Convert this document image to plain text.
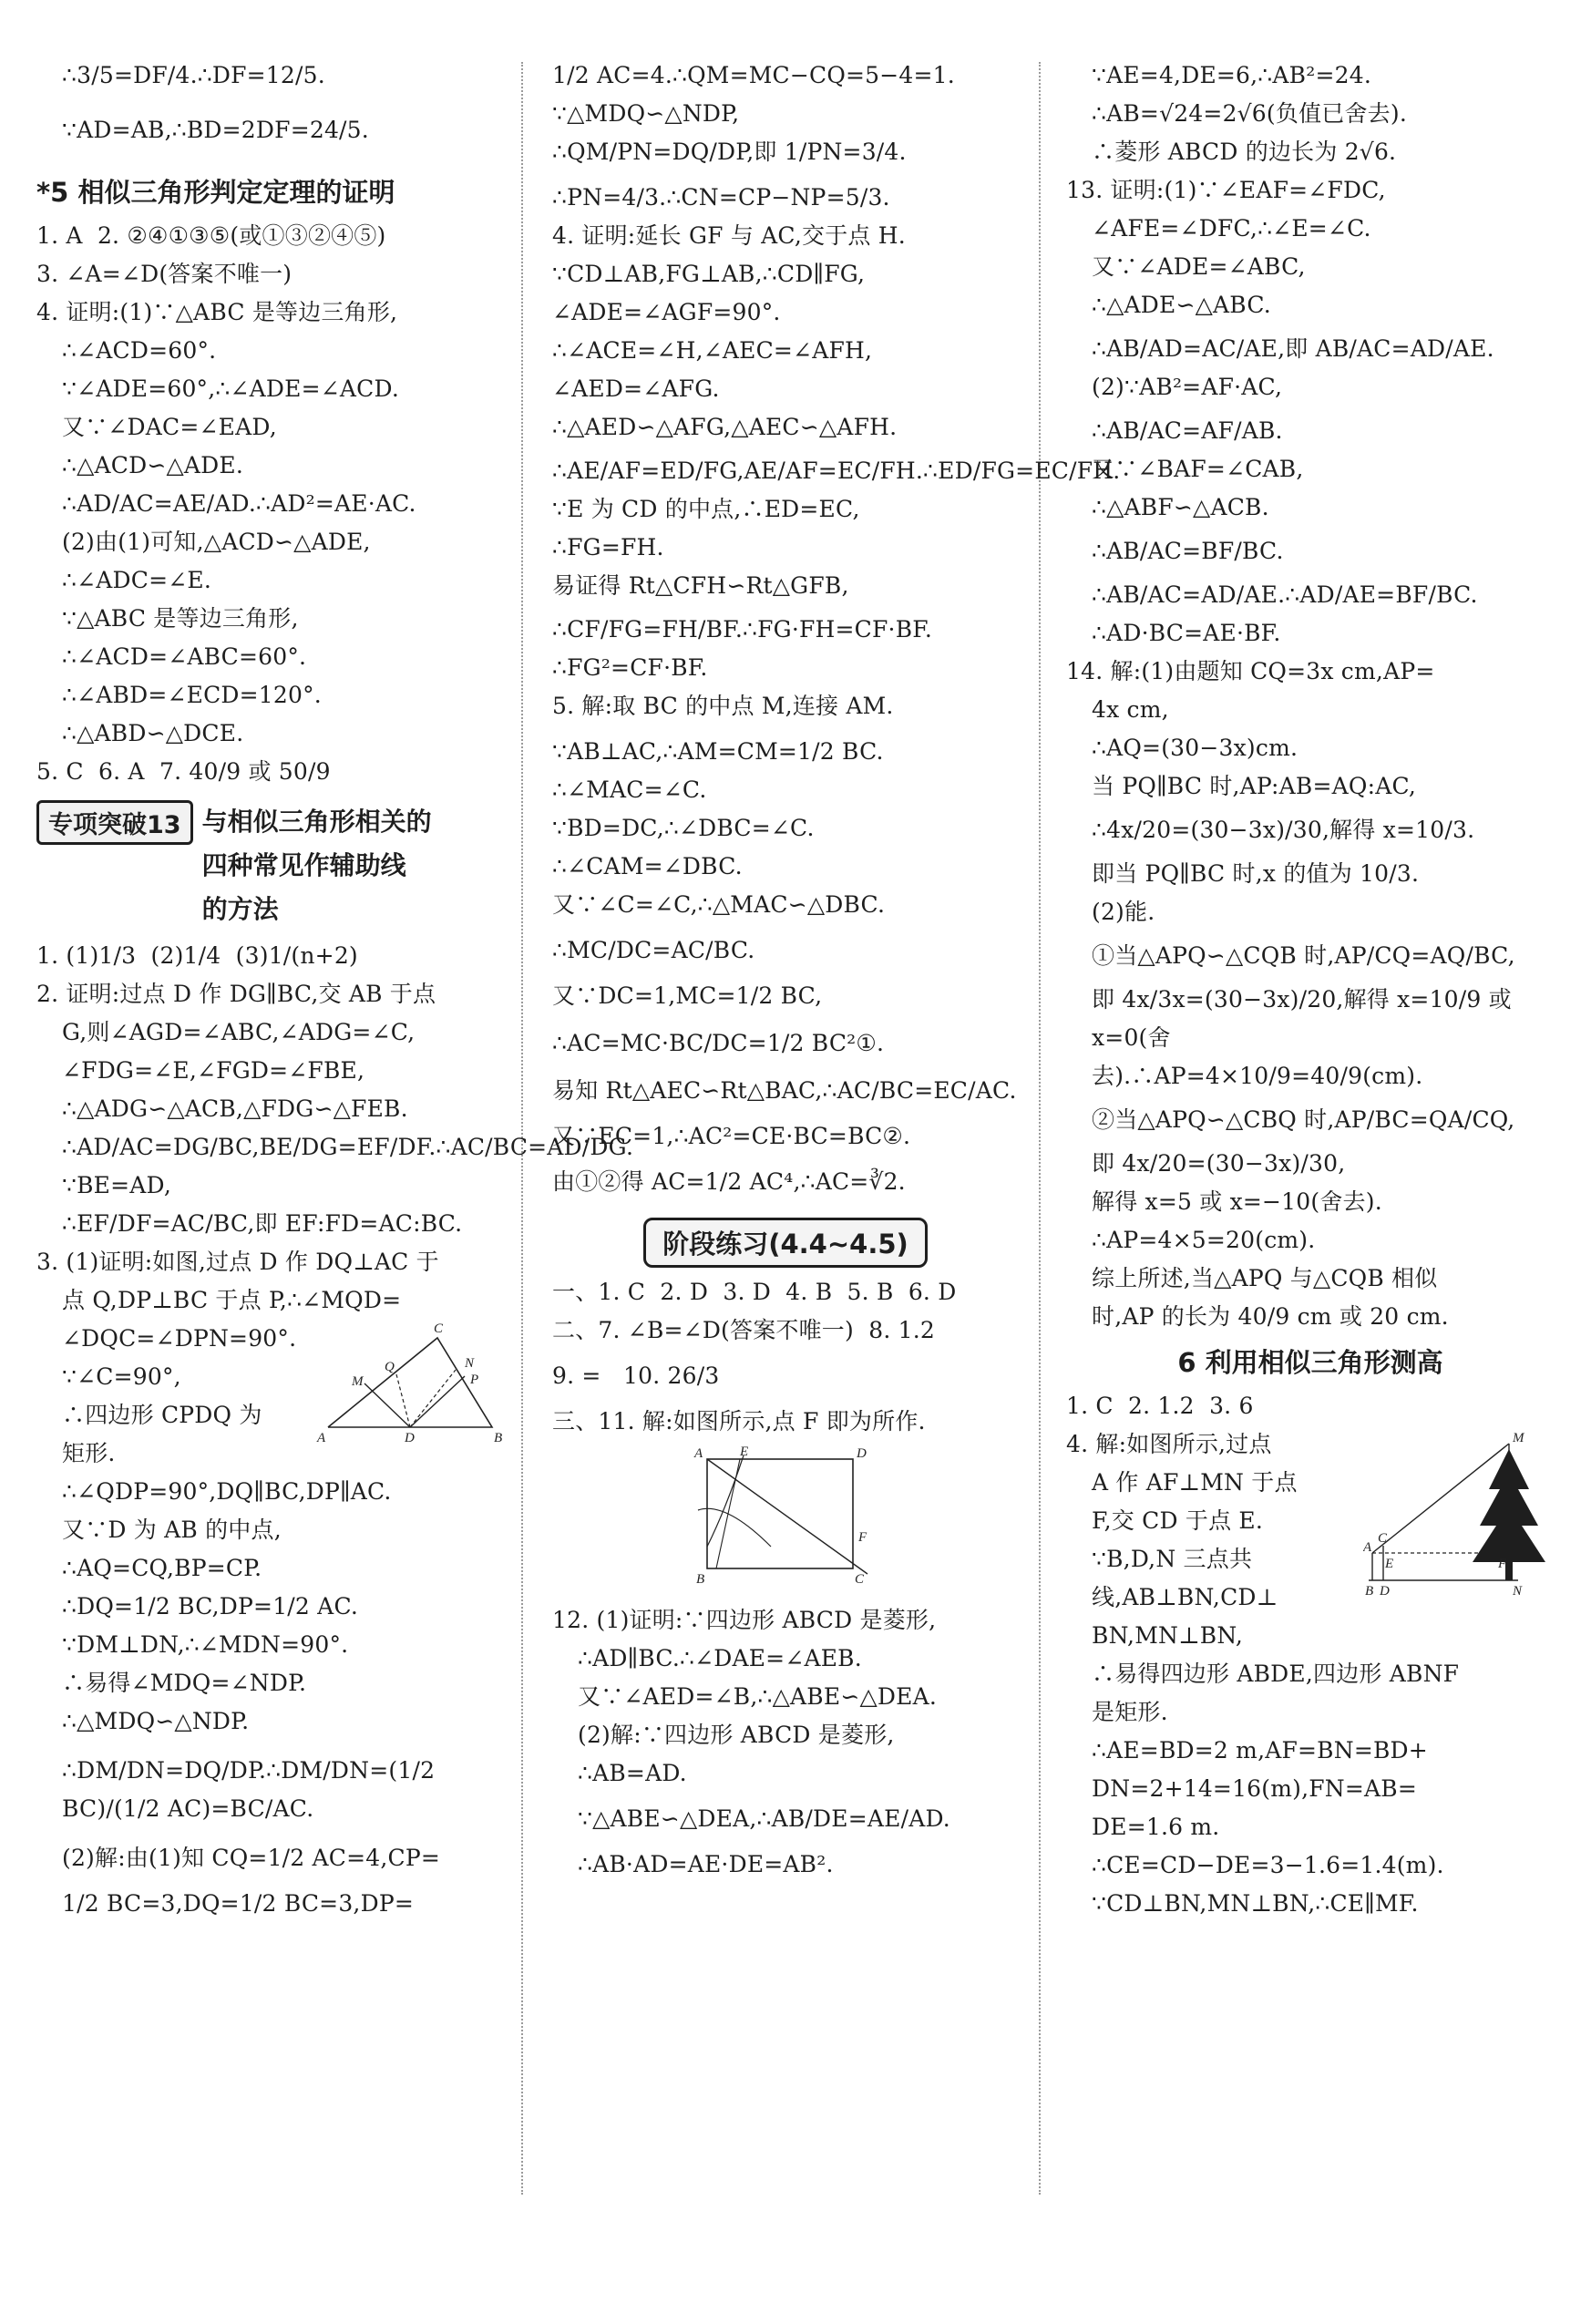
∴3/5=DF/4.∴DF=12/5.
∵AD=AB,∴BD=2DF=24/5.
*5 相似三角形判定定理的证明
1. A  2. ②④①③⑤(或①③②④⑤)
3. ∠A=∠D(答案不唯一)
4. 证明:(1)∵△ABC 是等边三角形,
∴∠ACD=60°.
∵∠ADE=60°,∴∠ADE=∠ACD.
又∵∠DAC=∠EAD,
∴△ACD∽△ADE.
∴AD/AC=AE/AD.∴AD²=AE·AC.
(2)由(1)可知,△ACD∽△ADE,
∴∠ADC=∠E.
∵△ABC 是等边三角形,
∴∠ACD=∠ABC=60°.
∴∠ABD=∠ECD=120°.
∴△ABD∽△DCE.
5. C  6. A  7. 40/9 或 50/9
专项突破13 与相似三角形相关的
四种常见作辅助线
的方法
1. (1)1/3  (2)1/4  (3)1/(n+2)
2. 证明:过点 D 作 DG∥BC,交 AB 于点
G,则∠AGD=∠ABC,∠ADG=∠C,
∠FDG=∠E,∠FGD=∠FBE,
∴△ADG∽△ACB,△FDG∽△FEB.
∴AD/AC=DG/BC,BE/DG=EF/DF.∴AC/BC=AD/DG.
∵BE=AD,
∴EF/DF=AC/BC,即 EF:FD=AC:BC.
3. (1)证明:如图,过点 D 作 DQ⊥AC 于
点 Q,DP⊥BC 于点 P,∴∠MQD=
∠DQC=∠DPN=90°.
∵∠C=90°,
∴四边形 CPDQ 为
矩形.
C
N
Q
M	P
A	D	B
∴∠QDP=90°,DQ∥BC,DP∥AC.
又∵D 为 AB 的中点,
∴AQ=CQ,BP=CP.
∴DQ=1/2 BC,DP=1/2 AC.
∵DM⊥DN,∴∠MDN=90°.
∴易得∠MDQ=∠NDP.
∴△MDQ∽△NDP.
∴DM/DN=DQ/DP.∴DM/DN=(1/2 BC)/(1/2 AC)=BC/AC.
(2)解:由(1)知 CQ=1/2 AC=4,CP=
1/2 BC=3,DQ=1/2 BC=3,DP=
1/2 AC=4.∴QM=MC−CQ=5−4=1.
∵△MDQ∽△NDP,
∴QM/PN=DQ/DP,即 1/PN=3/4.
∴PN=4/3.∴CN=CP−NP=5/3.
4. 证明:延长 GF 与 AC,交于点 H.
∵CD⊥AB,FG⊥AB,∴CD∥FG,
∠ADE=∠AGF=90°.
∴∠ACE=∠H,∠AEC=∠AFH,
∠AED=∠AFG.
∴△AED∽△AFG,△AEC∽△AFH.
∴AE/AF=ED/FG,AE/AF=EC/FH.∴ED/FG=EC/FH.
∵E 为 CD 的中点,∴ED=EC,
∴FG=FH.
易证得 Rt△CFH∽Rt△GFB,
∴CF/FG=FH/BF.∴FG·FH=CF·BF.
∴FG²=CF·BF.
5. 解:取 BC 的中点 M,连接 AM.
∵AB⊥AC,∴AM=CM=1/2 BC.
∴∠MAC=∠C.
∵BD=DC,∴∠DBC=∠C.
∴∠CAM=∠DBC.
又∵∠C=∠C,∴△MAC∽△DBC.
∴MC/DC=AC/BC.
又∵DC=1,MC=1/2 BC,
∴AC=MC·BC/DC=1/2 BC²①.
易知 Rt△AEC∽Rt△BAC,∴AC/BC=EC/AC.
又∵EC=1,∴AC²=CE·BC=BC②.
由①②得 AC=1/2 AC⁴,∴AC=∛2.
阶段练习(4.4~4.5)
一、1. C  2. D  3. D  4. B  5. B  6. D
二、7. ∠B=∠D(答案不唯一)  8. 1.2
9. =   10. 26/3
三、11. 解:如图所示,点 F 即为所作.
A	E	D
F
B	C
12. (1)证明:∵四边形 ABCD 是菱形,
∴AD∥BC.∴∠DAE=∠AEB.
又∵∠AED=∠B,∴△ABE∽△DEA.
(2)解:∵四边形 ABCD 是菱形,
∴AB=AD.
∵△ABE∽△DEA,∴AB/DE=AE/AD.
∴AB·AD=AE·DE=AB².
∵AE=4,DE=6,∴AB²=24.
∴AB=√24=2√6(负值已舍去).
∴菱形 ABCD 的边长为 2√6.
13. 证明:(1)∵∠EAF=∠FDC,
∠AFE=∠DFC,∴∠E=∠C.
又∵∠ADE=∠ABC,
∴△ADE∽△ABC.
∴AB/AD=AC/AE,即 AB/AC=AD/AE.
(2)∵AB²=AF·AC,
∴AB/AC=AF/AB.
又∵∠BAF=∠CAB,
∴△ABF∽△ACB.
∴AB/AC=BF/BC.
∴AB/AC=AD/AE.∴AD/AE=BF/BC.
∴AD·BC=AE·BF.
14. 解:(1)由题知 CQ=3x cm,AP=
4x cm,
∴AQ=(30−3x)cm.
当 PQ∥BC 时,AP:AB=AQ:AC,
∴4x/20=(30−3x)/30,解得 x=10/3.
即当 PQ∥BC 时,x 的值为 10/3.
(2)能.
①当△APQ∽△CQB 时,AP/CQ=AQ/BC,
即 4x/3x=(30−3x)/20,解得 x=10/9 或 x=0(舍
去).∴AP=4×10/9=40/9(cm).
②当△APQ∽△CBQ 时,AP/BC=QA/CQ,
即 4x/20=(30−3x)/30,
解得 x=5 或 x=−10(舍去).
∴AP=4×5=20(cm).
综上所述,当△APQ 与△CQB 相似
时,AP 的长为 40/9 cm 或 20 cm.
6 利用相似三角形测高
1. C  2. 1.2  3. 6
4. 解:如图所示,过点
A 作 AF⊥MN 于点
F,交 CD 于点 E.
∵B,D,N 三点共
线,AB⊥BN,CD⊥
BN,MN⊥BN,
M
A
C
E	F
B D	N
∴易得四边形 ABDE,四边形 ABNF
是矩形.
∴AE=BD=2 m,AF=BN=BD+
DN=2+14=16(m),FN=AB=
DE=1.6 m.
∴CE=CD−DE=3−1.6=1.4(m).
∵CD⊥BN,MN⊥BN,∴CE∥MF.
